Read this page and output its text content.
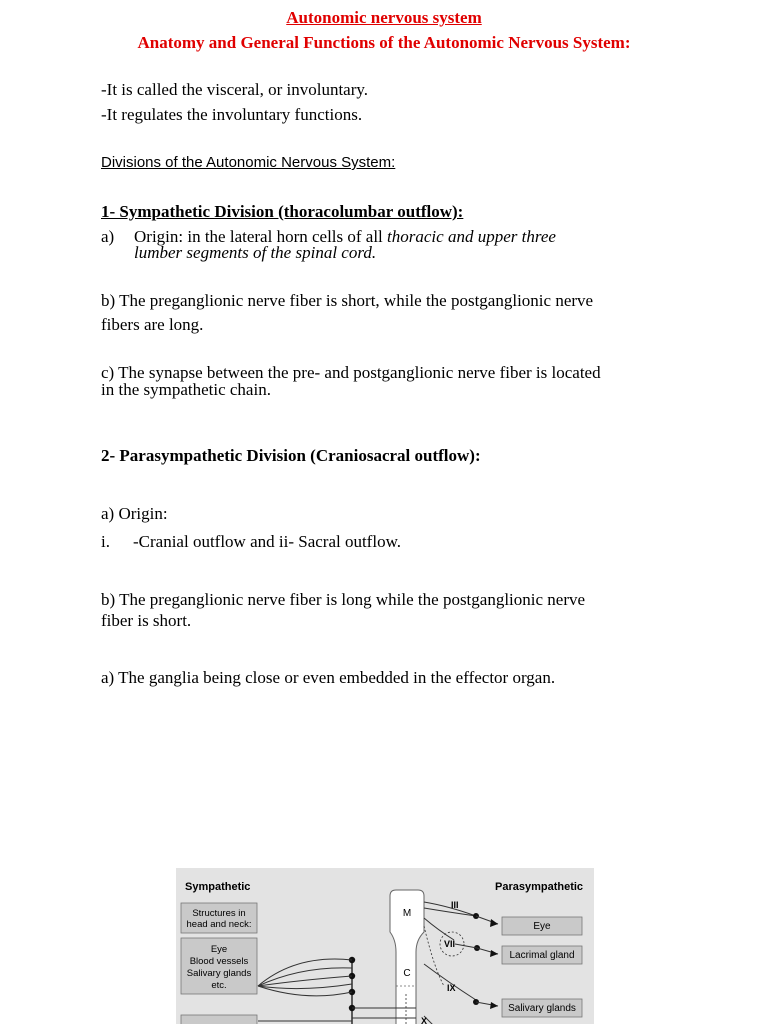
Autonomic nervous system
Anatomy and General Functions of the Autonomic Nervous System:
-It is called the visceral, or involuntary.
-It regulates the involuntary functions.
Divisions of the Autonomic Nervous System:
1- Sympathetic Division (thoracolumbar outflow):
a) Origin: in the lateral horn cells of all thoracic and upper three
lumber segments of the spinal cord.
b) The preganglionic nerve fiber is short, while the postganglionic nerve
fibers are long.
c) The synapse between the pre- and postganglionic nerve fiber is located
in the sympathetic chain.
2- Parasympathetic Division (Craniosacral outflow):
a) Origin:
i. -Cranial outflow and ii- Sacral outflow.
b) The preganglionic nerve fiber is long while the postganglionic nerve
fiber is short.
a) The ganglia being close or even embedded in the effector organ.
Sympathetic	Parasympathetic
Structures in
head and neck:
Eye
Blood vessels
Salivary glands
etc.
M
C
III
VII
IX
X
Eye
Lacrimal gland
Salivary glands
